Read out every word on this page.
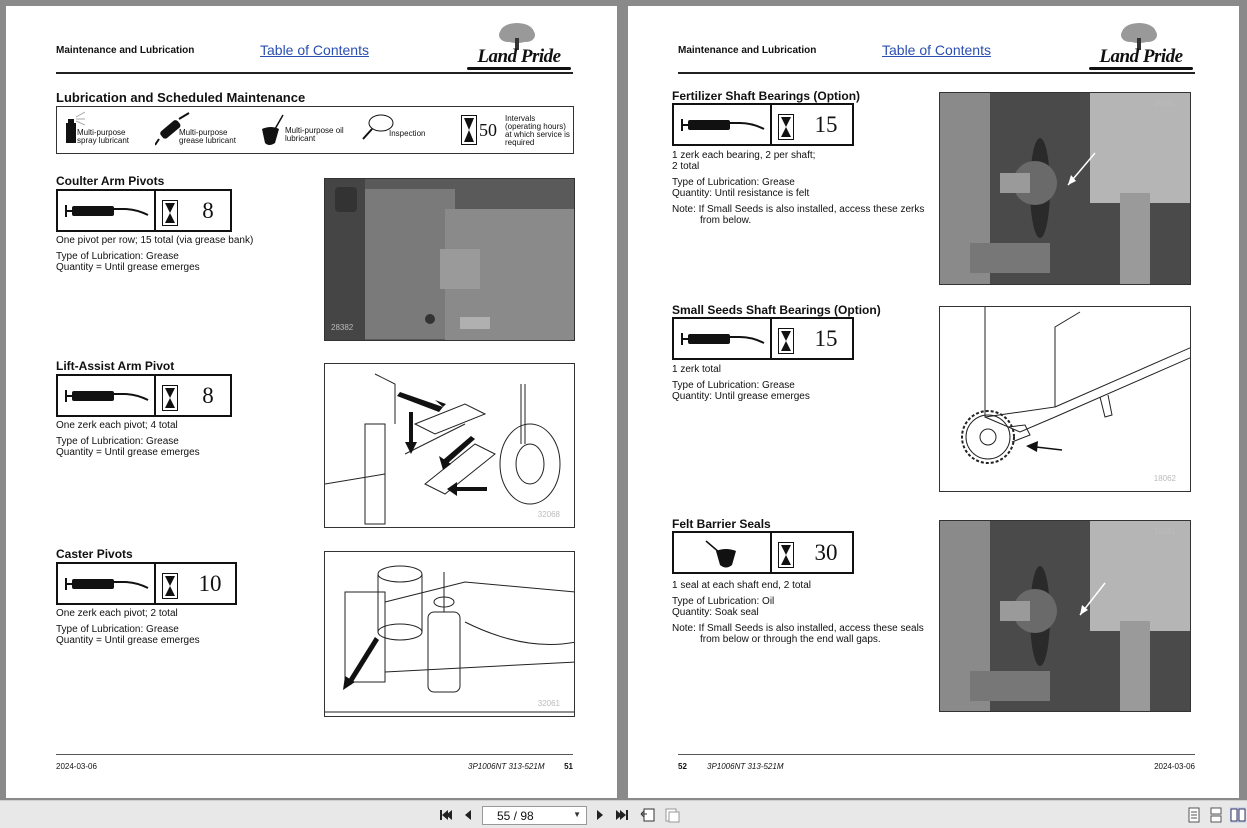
Maintenance and Lubrication	Table of Contents	Land Pride
Lubrication and Scheduled Maintenance
Multi-purpose spray lubricant
Multi-purpose grease lubricant
Multi-purpose oil lubricant
Inspection	50
Intervals (operating hours) at which service is required
Coulter Arm Pivots
8
One pivot per row; 15 total (via grease bank)
Type of Lubrication: Grease
Quantity = Until grease emerges
28382
Lift-Assist Arm Pivot
8
One zerk each pivot; 4 total
Type of Lubrication: Grease
Quantity = Until grease emerges
32068
Caster Pivots
10
One zerk each pivot; 2 total
Type of Lubrication: Grease
Quantity = Until grease emerges
32061
2024-03-06	3P1006NT 313-521M 51
Maintenance and Lubrication	Table of Contents	Land Pride
Fertilizer Shaft Bearings (Option)
15
1 zerk each bearing, 2 per shaft;
2 total
Type of Lubrication: Grease
Quantity: Until resistance is felt
Note: If Small Seeds is also installed, access these zerks from below.
16381
Small Seeds Shaft Bearings (Option)
15
1 zerk total
Type of Lubrication: Grease
Quantity: Until grease emerges
18062
Felt Barrier Seals
30
1 seal at each shaft end, 2 total
Type of Lubrication: Oil
Quantity: Soak seal
Note: If Small Seeds is also installed, access these seals from below or through the end wall gaps.
16381
52	3P1006NT 313-521M	2024-03-06
55 / 98	▼
